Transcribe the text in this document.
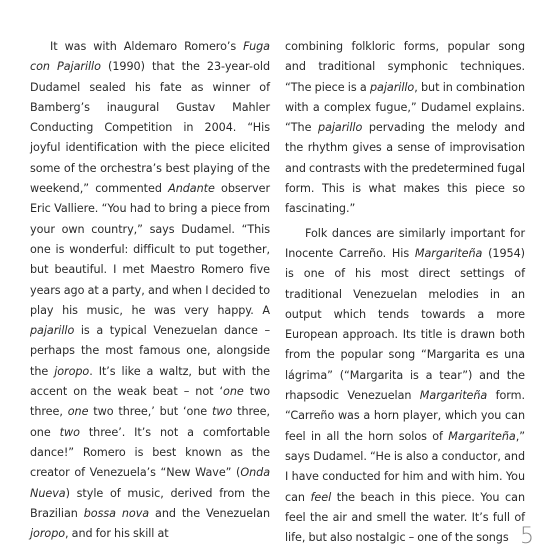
It was with Aldemaro Romero’s Fuga con Pajarillo (1990) that the 23-year-old Dudamel sealed his fate as winner of Bamberg’s inaugural Gustav Mahler Conducting Competition in 2004. “His joyful identification with the piece elicited some of the orchestra’s best playing of the weekend,” commented Andante observer Eric Valliere. “You had to bring a piece from your own country,” says Dudamel. “This one is wonderful: difficult to put together, but beautiful. I met Maestro Romero five years ago at a party, and when I decided to play his music, he was very happy. A pajarillo is a typical Venezuelan dance – perhaps the most famous one, alongside the joropo. It’s like a waltz, but with the accent on the weak beat – not ‘one two three, one two three,’ but ‘one two three, one two three’. It’s not a comfortable dance!” Romero is best known as the creator of Venezuela’s “New Wave” (Onda Nueva) style of music, derived from the Brazilian bossa nova and the Venezuelan joropo, and for his skill at

combining folkloric forms, popular song and traditional symphonic techniques. “The piece is a pajarillo, but in combination with a complex fugue,” Dudamel explains. “The pajarillo pervading the melody and the rhythm gives a sense of improvisation and contrasts with the predetermined fugal form. This is what makes this piece so fascinating.”

Folk dances are similarly important for Inocente Carreño. His Margariteña (1954) is one of his most direct settings of traditional Venezuelan melodies in an output which tends towards a more European approach. Its title is drawn both from the popular song “Margarita es una lágrima” (“Margarita is a tear”) and the rhapsodic Venezuelan Margariteña form. “Carreño was a horn player, which you can feel in all the horn solos of Margariteña,” says Dudamel. “He is also a conductor, and I have conducted for him and with him. You can feel the beach in this piece. You can feel the air and smell the water. It’s full of life, but also nostalgic – one of the songs 5
